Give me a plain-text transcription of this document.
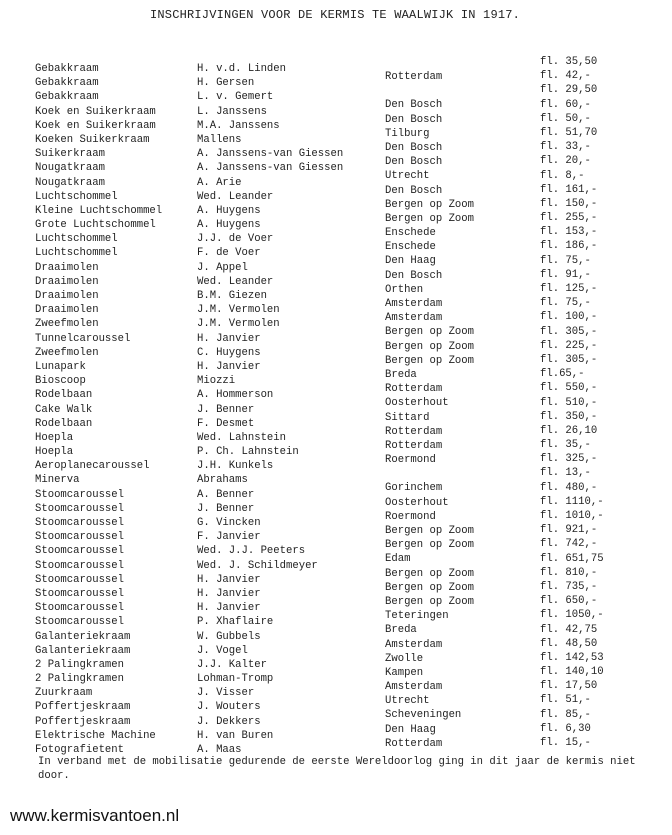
INSCHRIJVINGEN VOOR DE KERMIS TE WAALWIJK IN 1917.
Gebakkraam
Gebakkraam
Gebakkraam
Koek en Suikerkraam
Koek en Suikerkraam
Koeken Suikerkraam
Suikerkraam
Nougatkraam
Nougatkraam
Luchtschommel
Kleine Luchtschommel
Grote Luchtschommel
Luchtschommel
Luchtschommel
Draaimolen
Draaimolen
Draaimolen
Draaimolen
Zweefmolen
Tunnelcaroussel
Zweefmolen
Lunapark
Bioscoop
Rodelbaan
Cake Walk
Rodelbaan
Hoepla
Hoepla
Aeroplanecaroussel
Minerva
Stoomcaroussel
Stoomcaroussel
Stoomcaroussel
Stoomcaroussel
Stoomcaroussel
Stoomcaroussel
Stoomcaroussel
Stoomcaroussel
Stoomcaroussel
Stoomcaroussel
Galanteriekraam
Galanteriekraam
2 Palingkramen
2 Palingkramen
Zuurkraam
Poffertjeskraam
Poffertjeskraam
Elektrische Machine
Fotografietent
H. v.d. Linden
H. Gersen
L. v. Gemert
L. Janssens
M.A. Janssens
Mallens
A. Janssens-van Giessen
A. Janssens-van Giessen
A. Arie
Wed. Leander
A. Huygens
A. Huygens
J.J. de Voer
F. de Voer
J. Appel
Wed. Leander
B.M. Giezen
J.M. Vermolen
J.M. Vermolen
H. Janvier
C. Huygens
H. Janvier
Miozzi
A. Hommerson
J. Benner
F. Desmet
Wed. Lahnstein
P. Ch. Lahnstein
J.H. Kunkels
Abrahams
A. Benner
J. Benner
G. Vincken
F. Janvier
Wed. J.J. Peeters
Wed. J. Schildmeyer
H. Janvier
H. Janvier
H. Janvier
P. Xhaflaire
W. Gubbels
J. Vogel
J.J. Kalter
Lohman-Tromp
J. Visser
J. Wouters
J. Dekkers
H. van Buren
A. Maas
Rotterdam
Den Bosch
Den Bosch
Tilburg
Den Bosch
Den Bosch
Utrecht
Den Bosch
Bergen op Zoom
Bergen op Zoom
Enschede
Enschede
Den Haag
Den Bosch
Orthen
Amsterdam
Amsterdam
Bergen op Zoom
Bergen op Zoom
Bergen op Zoom
Breda
Rotterdam
Oosterhout
Sittard
Rotterdam
Rotterdam
Roermond
Gorinchem
Oosterhout
Roermond
Bergen op Zoom
Bergen op Zoom
Edam
Bergen op Zoom
Bergen op Zoom
Bergen op Zoom
Teteringen
Breda
Amsterdam
Zwolle
Kampen
Amsterdam
Utrecht
Scheveningen
Den Haag
Rotterdam
fl. 35,50
fl. 42,-
fl. 29,50
fl. 60,-
fl. 50,-
fl. 51,70
fl. 33,-
fl. 20,-
fl. 8,-
fl. 161,-
fl. 150,-
fl. 255,-
fl. 153,-
fl. 186,-
fl. 75,-
fl. 91,-
fl. 125,-
fl. 75,-
fl. 100,-
fl. 305,-
fl. 225,-
fl. 305,-
fl.65,-
fl. 550,-
fl. 510,-
fl. 350,-
fl. 26,10
fl. 35,-
fl. 325,-
fl. 13,-
fl. 480,-
fl. 1110,-
fl. 1010,-
fl. 921,-
fl. 742,-
fl. 651,75
fl. 810,-
fl. 735,-
fl. 650,-
fl. 1050,-
fl. 42,75
fl. 48,50
fl. 142,53
fl. 140,10
fl. 17,50
fl. 51,-
fl. 85,-
fl. 6,30
fl. 15,-
In verband met de mobilisatie gedurende de eerste Wereldoorlog ging in dit jaar de kermis niet door.
www.kermisvantoen.nl
